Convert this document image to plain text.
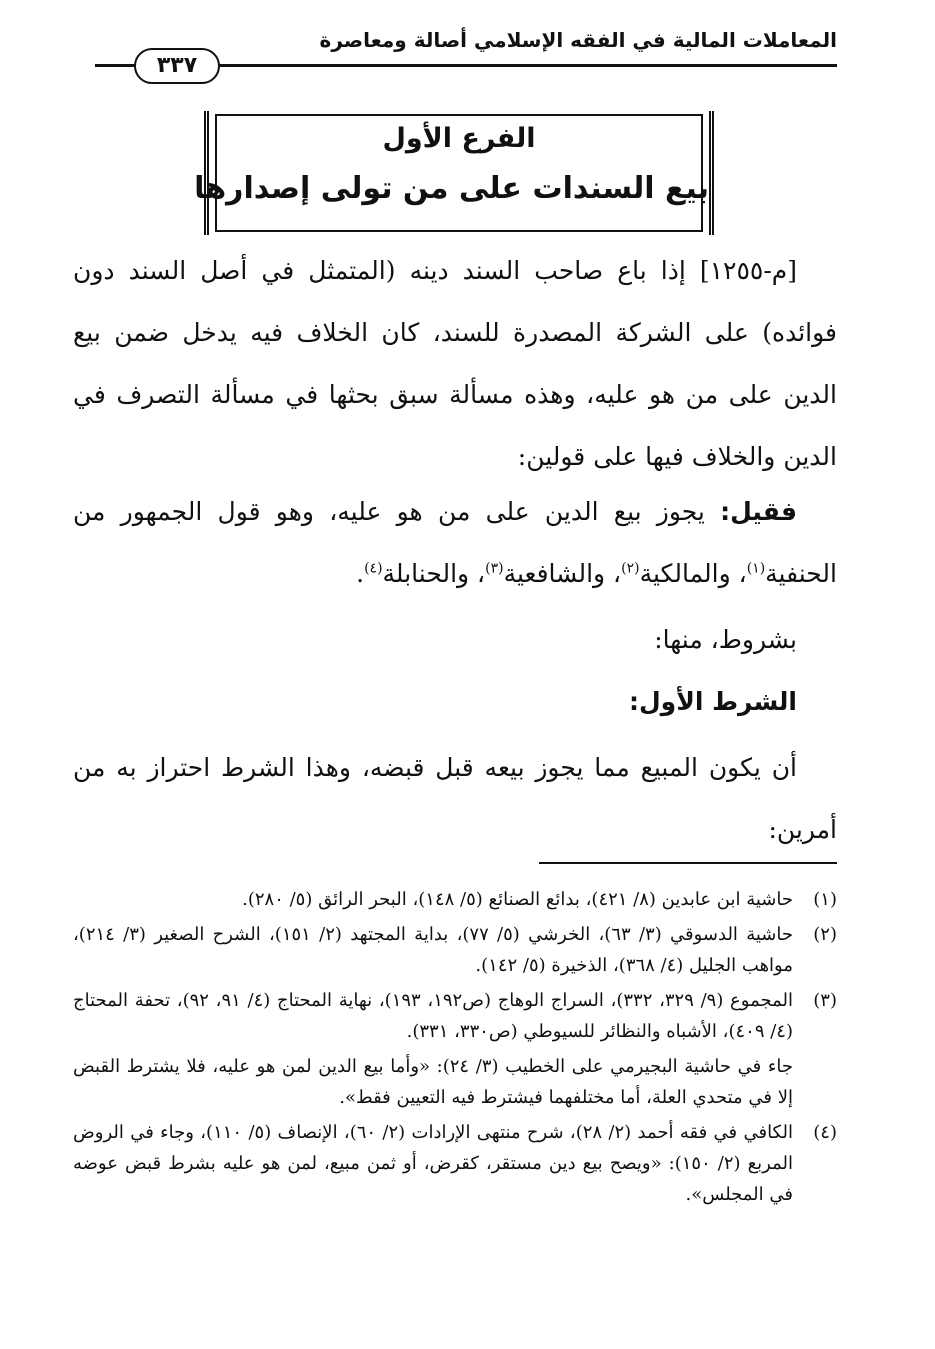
المعاملات المالية في الفقه الإسلامي أصالة ومعاصرة
٣٣٧
الفرع الأول
بيع السندات على من تولى إصدارها

[م-١٢٥٥] إذا باع صاحب السند دينه (المتمثل في أصل السند دون فوائده) على الشركة المصدرة للسند، كان الخلاف فيه يدخل ضمن بيع الدين على من هو عليه، وهذه مسألة سبق بحثها في مسألة التصرف في الدين والخلاف فيها على قولين:

فقيل: يجوز بيع الدين على من هو عليه، وهو قول الجمهور من الحنفية$^{(١)}$، والمالكية$^{(٢)}$، والشافعية$^{(٣)}$، والحنابلة$^{(٤)}$.

بشروط، منها:

الشرط الأول:

أن يكون المبيع مما يجوز بيعه قبل قبضه، وهذا الشرط احتراز به من أمرين:

(١)
حاشية ابن عابدين (٨/ ٤٢١)، بدائع الصنائع (٥/ ١٤٨)، البحر الرائق (٥/ ٢٨٠).

(٢)
حاشية الدسوقي (٣/ ٦٣)، الخرشي (٥/ ٧٧)، بداية المجتهد (٢/ ١٥١)، الشرح الصغير (٣/ ٢١٤)، مواهب الجليل (٤/ ٣٦٨)، الذخيرة (٥/ ١٤٢).

(٣)
المجموع (٩/ ٣٢٩، ٣٣٢)، السراج الوهاج (ص١٩٢، ١٩٣)، نهاية المحتاج (٤/ ٩١، ٩٢)، تحفة المحتاج (٤/ ٤٠٩)، الأشباه والنظائر للسيوطي (ص٣٣٠، ٣٣١).

جاء في حاشية البجيرمي على الخطيب (٣/ ٢٤): «وأما بيع الدين لمن هو عليه، فلا يشترط القبض إلا في متحدي العلة، أما مختلفهما فيشترط فيه التعيين فقط».

(٤)
الكافي في فقه أحمد (٢/ ٢٨)، شرح منتهى الإرادات (٢/ ٦٠)، الإنصاف (٥/ ١١٠)، وجاء في الروض المربع (٢/ ١٥٠): «ويصح بيع دين مستقر، كقرض، أو ثمن مبيع، لمن هو عليه بشرط قبض عوضه في المجلس».
